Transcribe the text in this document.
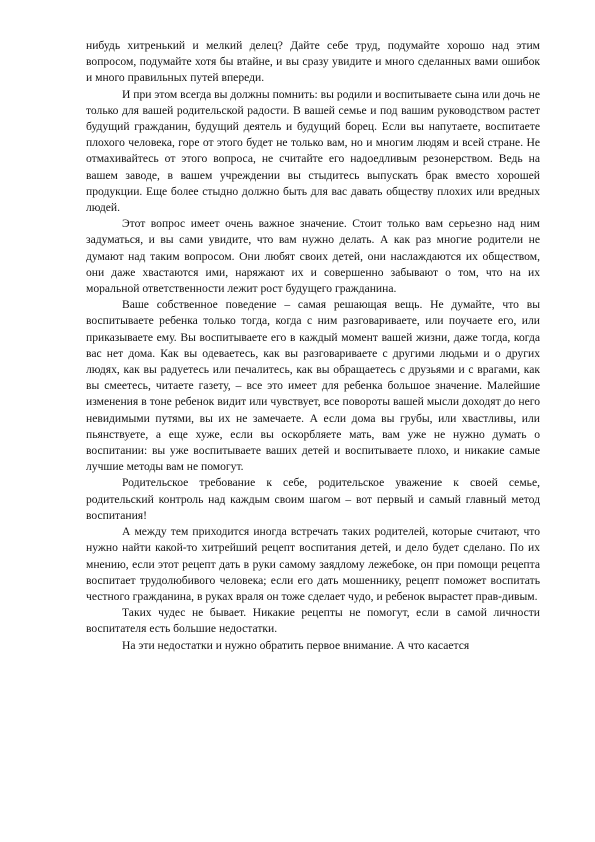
нибудь хитренький и мелкий делец? Дайте себе труд, подумайте хорошо над этим вопросом, подумайте хотя бы втайне, и вы сразу увидите и много сделанных вами ошибок и много правильных путей впереди.

И при этом всегда вы должны помнить: вы родили и воспитываете сына или дочь не только для вашей родительской радости. В вашей семье и под вашим руководством растет будущий гражданин, будущий деятель и будущий борец. Если вы напутаете, воспитаете плохого человека, горе от этого будет не только вам, но и многим людям и всей стране. Не отмахивайтесь от этого вопроса, не считайте его надоедливым резонерством. Ведь на вашем заводе, в вашем учреждении вы стыдитесь выпускать брак вместо хорошей продукции. Еще более стыдно должно быть для вас давать обществу плохих или вредных людей.

Этот вопрос имеет очень важное значение. Стоит только вам серьезно над ним задуматься, и вы сами увидите, что вам нужно делать. А как раз многие родители не думают над таким вопросом. Они любят своих детей, они наслаждаются их обществом, они даже хвастаются ими, наряжают их и совершенно забывают о том, что на их моральной ответственности лежит рост будущего гражданина.

Ваше собственное поведение – самая решающая вещь. Не думайте, что вы воспитываете ребенка только тогда, когда с ним разговариваете, или поучаете его, или приказываете ему. Вы воспитываете его в каждый момент вашей жизни, даже тогда, когда вас нет дома. Как вы одеваетесь, как вы разговариваете с другими людьми и о других людях, как вы радуетесь или печалитесь, как вы обращаетесь с друзьями и с врагами, как вы смеетесь, читаете газету, – все это имеет для ребенка большое значение. Малейшие изменения в тоне ребенок видит или чувствует, все повороты вашей мысли доходят до него невидимыми путями, вы их не замечаете. А если дома вы грубы, или хвастливы, или пьянствуете, а еще хуже, если вы оскорбляете мать, вам уже не нужно думать о воспитании: вы уже воспитываете ваших детей и воспитываете плохо, и никакие самые лучшие методы вам не помогут.

Родительское требование к себе, родительское уважение к своей семье, родительский контроль над каждым своим шагом – вот первый и самый главный метод воспитания!

А между тем приходится иногда встречать таких родителей, которые считают, что нужно найти какой-то хитрейший рецепт воспитания детей, и дело будет сделано. По их мнению, если этот рецепт дать в руки самому заядлому лежебоке, он при помощи рецепта воспитает трудолюбивого человека; если его дать мошеннику, рецепт поможет воспитать честного гражданина, в руках враля он тоже сделает чудо, и ребенок вырастет прав-дивым.

Таких чудес не бывает. Никакие рецепты не помогут, если в самой личности воспитателя есть большие недостатки.

На эти недостатки и нужно обратить первое внимание. А что касается
